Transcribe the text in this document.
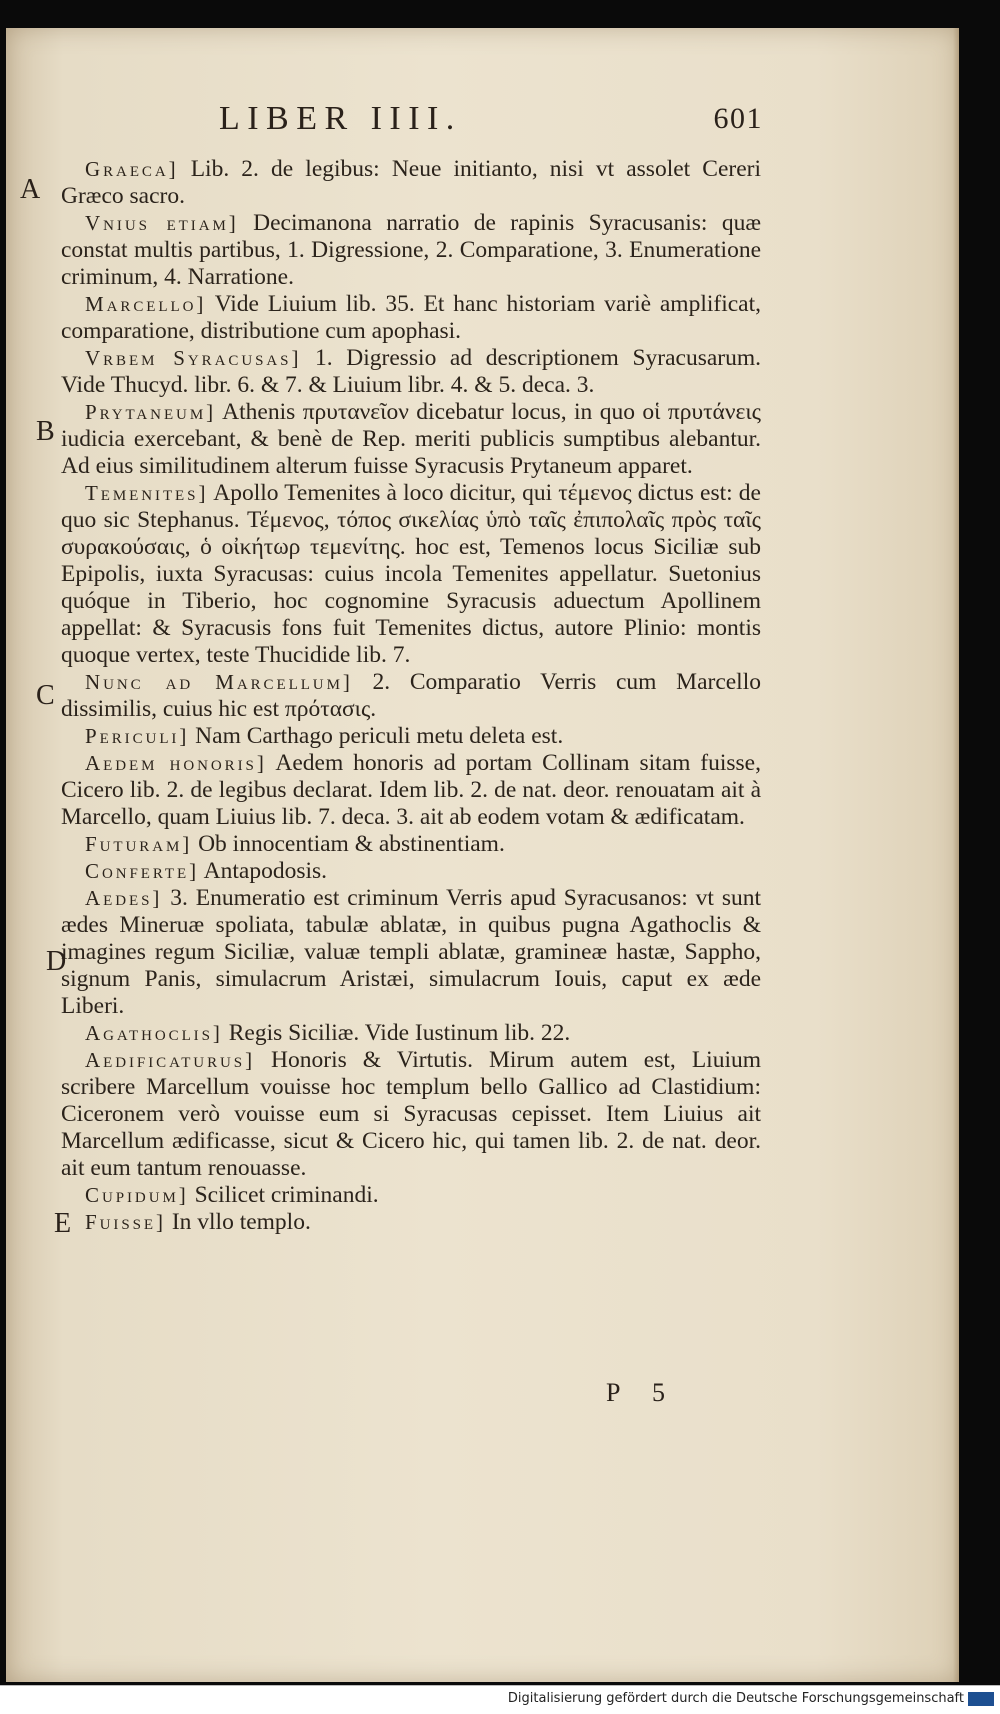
LIBER IIII.	601
A
B
C
D
E

Graeca] Lib. 2. de legibus: Neue initianto, nisi vt assolet Cereri Græco sacro.

Vnius etiam] Decimanona narratio de rapinis Syracusanis: quæ constat multis partibus, 1. Digressione, 2. Comparatione, 3. Enumeratione criminum, 4. Narratione.

Marcello] Vide Liuium lib. 35. Et hanc historiam variè amplificat, comparatione, distributione cum apophasi.

Vrbem Syracusas] 1. Digressio ad descriptionem Syracusarum. Vide Thucyd. libr. 6. & 7. & Liuium libr. 4. & 5. deca. 3.

Prytaneum] Athenis πρυτανεῖον dicebatur locus, in quo οἱ πρυτάνεις iudicia exercebant, & benè de Rep. meriti publicis sumptibus alebantur. Ad eius similitudinem alterum fuisse Syracusis Prytaneum apparet.

Temenites] Apollo Temenites à loco dicitur, qui τέμενος dictus est: de quo sic Stephanus. Τέμενος, τόπος σικελίας ὑπὸ ταῖς ἐπιπολαῖς πρὸς ταῖς συρακούσαις, ὁ οἰκήτωρ τεμενίτης. hoc est, Temenos locus Siciliæ sub Epipolis, iuxta Syracusas: cuius incola Temenites appellatur. Suetonius quóque in Tiberio, hoc cognomine Syracusis aduectum Apollinem appellat: & Syracusis fons fuit Temenites dictus, autore Plinio: montis quoque vertex, teste Thucidide lib. 7.

Nunc ad Marcellum] 2. Comparatio Verris cum Marcello dissimilis, cuius hic est πρότασις.

Periculi] Nam Carthago periculi metu deleta est.

Aedem honoris] Aedem honoris ad portam Collinam sitam fuisse, Cicero lib. 2. de legibus declarat. Idem lib. 2. de nat. deor. renouatam ait à Marcello, quam Liuius lib. 7. deca. 3. ait ab eodem votam & ædificatam.

Futuram] Ob innocentiam & abstinentiam.

Conferte] Antapodosis.

Aedes] 3. Enumeratio est criminum Verris apud Syracusanos: vt sunt ædes Mineruæ spoliata, tabulæ ablatæ, in quibus pugna Agathoclis & imagines regum Siciliæ, valuæ templi ablatæ, gramineæ hastæ, Sappho, signum Panis, simulacrum Aristæi, simulacrum Iouis, caput ex æde Liberi.

Agathoclis] Regis Siciliæ. Vide Iustinum lib. 22.

Aedificaturus] Honoris & Virtutis. Mirum autem est, Liuium scribere Marcellum vouisse hoc templum bello Gallico ad Clastidium: Ciceronem verò vouisse eum si Syracusas cepisset. Item Liuius ait Marcellum ædificasse, sicut & Cicero hic, qui tamen lib. 2. de nat. deor. ait eum tantum renouasse.

Cupidum] Scilicet criminandi.

Fuisse] In vllo templo.

P 5
Digitalisierung gefördert durch die Deutsche Forschungsgemeinschaft
